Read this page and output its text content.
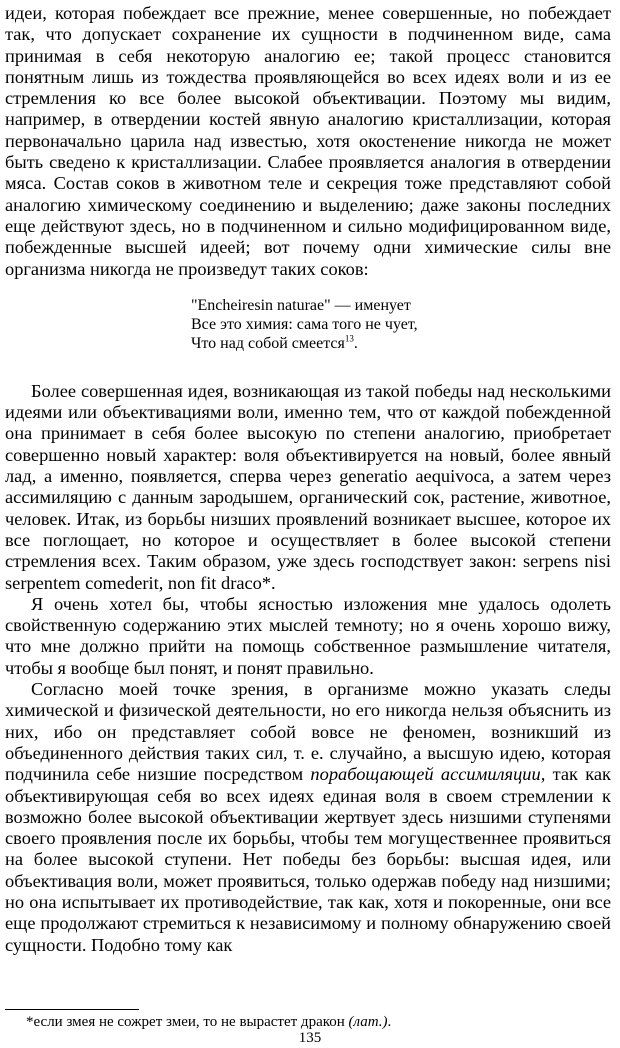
идеи, которая побеждает все прежние, менее совершенные, но побеждает так, что допускает сохранение их сущности в подчиненном виде, сама принимая в себя некоторую аналогию ее; такой процесс становится понятным лишь из тождества проявляющейся во всех идеях воли и из ее стремления ко все более высокой объективации. Поэтому мы видим, например, в отвердении костей явную аналогию кристаллизации, которая первоначально царила над известью, хотя окостенение никогда не может быть сведено к кристаллизации. Слабее проявляется аналогия в отвердении мяса. Состав соков в животном теле и секреция тоже представляют собой аналогию химическому соединению и выделению; даже законы последних еще действуют здесь, но в подчиненном и сильно модифицированном виде, побежденные высшей идеей; вот почему одни химические силы вне организма никогда не произведут таких соков:

"Encheiresin naturae" — именует
Все это химия: сама того не чует,
Что над собой смеется$^{13}$.

Более совершенная идея, возникающая из такой победы над несколькими идеями или объективациями воли, именно тем, что от каждой побежденной она принимает в себя более высокую по степени аналогию, приобретает совершенно новый характер: воля объективируется на новый, более явный лад, а именно, появляется, сперва через generatio aequivoca, а затем через ассимиляцию с данным зародышем, органический сок, растение, животное, человек. Итак, из борьбы низших проявлений возникает высшее, которое их все поглощает, но которое и осуществляет в более высокой степени стремления всех. Таким образом, уже здесь господствует закон: serpens nisi serpentem comederit, non fit draco*.

Я очень хотел бы, чтобы ясностью изложения мне удалось одолеть свойственную содержанию этих мыслей темноту; но я очень хорошо вижу, что мне должно прийти на помощь собственное размышление читателя, чтобы я вообще был понят, и понят правильно.

Согласно моей точке зрения, в организме можно указать следы химической и физической деятельности, но его никогда нельзя объяснить из них, ибо он представляет собой вовсе не феномен, возникший из объединенного действия таких сил, т. е. случайно, а высшую идею, которая подчинила себе низшие посредством порабощающей ассимиляции, так как объективирующая себя во всех идеях единая воля в своем стремлении к возможно более высокой объективации жертвует здесь низшими ступенями своего проявления после их борьбы, чтобы тем могущественнее проявиться на более высокой ступени. Нет победы без борьбы: высшая идея, или объективация воли, может проявиться, только одержав победу над низшими; но она испытывает их противодействие, так как, хотя и покоренные, они все еще продолжают стремиться к независимому и полному обнаружению своей сущности. Подобно тому как

*если змея не сожрет змеи, то не вырастет дракон (лат.).
135
